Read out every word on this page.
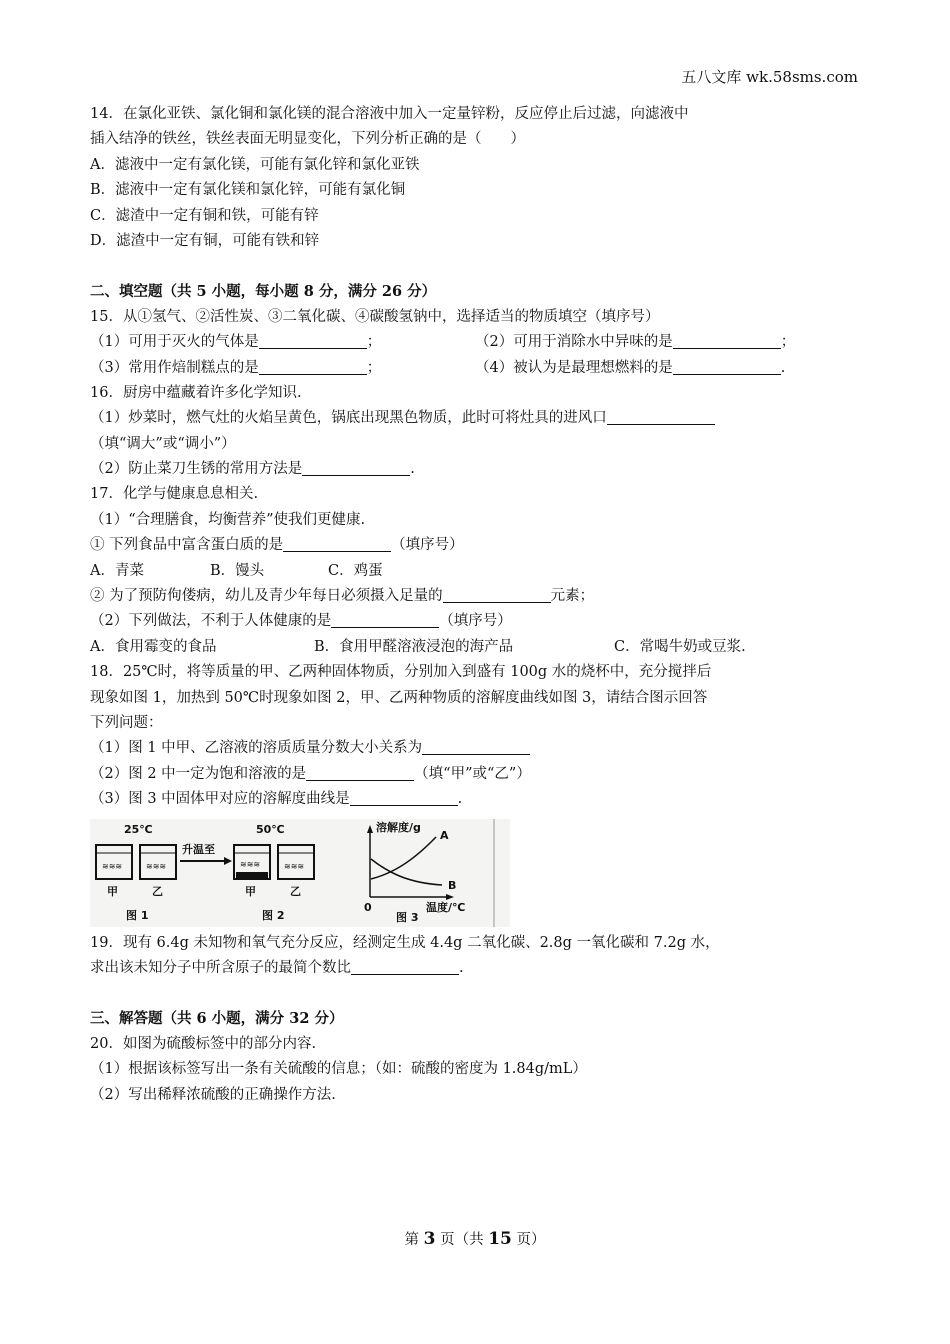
五八文库 wk.58sms.com
14．在氯化亚铁、氯化铜和氯化镁的混合溶液中加入一定量锌粉，反应停止后过滤，向滤液中
插入结净的铁丝，铁丝表面无明显变化，下列分析正确的是（　　）
A．滤液中一定有氯化镁，可能有氯化锌和氯化亚铁
B．滤液中一定有氯化镁和氯化锌，可能有氯化铜
C．滤渣中一定有铜和铁，可能有锌
D．滤渣中一定有铜，可能有铁和锌
二、填空题（共 5 小题，每小题 8 分，满分 26 分）
15．从①氢气、②活性炭、③二氧化碳、④碳酸氢钠中，选择适当的物质填空（填序号）
（1）可用于灭火的气体是	；	（2）可用于消除水中异味的是	；
（3）常用作焙制糕点的是	；	（4）被认为是最理想燃料的是	.
16．厨房中蕴藏着许多化学知识.
（1）炒菜时，燃气灶的火焰呈黄色，锅底出现黑色物质，此时可将灶具的进风口
（填“调大”或“调小”）
（2）防止菜刀生锈的常用方法是	.
17．化学与健康息息相关.
（1）“合理膳食，均衡营养”使我们更健康.
① 下列食品中富含蛋白质的是	（填序号）
A．青菜	B．馒头	C．鸡蛋
② 为了预防佝偻病，幼儿及青少年每日必须摄入足量的	元素；
（2）下列做法，不利于人体健康的是	（填序号）
A．食用霉变的食品	B．食用甲醛溶液浸泡的海产品	C．常喝牛奶或豆浆.
18．25℃时，将等质量的甲、乙两种固体物质，分别加入到盛有 100g 水的烧杯中，充分搅拌后
现象如图 1，加热到 50℃时现象如图 2，甲、乙两种物质的溶解度曲线如图 3，请结合图示回答
下列问题：
（1）图 1 中甲、乙溶液的溶质质量分数大小关系为
（2）图 2 中一定为饱和溶液的是	（填“甲”或“乙”）
（3）图 3 中固体甲对应的溶解度曲线是	.
25℃
≋≋≋	≋≋≋
甲	乙
图 1
升温至
50℃
≋≋≋	≋≋≋
甲	乙
图 2
溶解度/g
温度/℃
0
A
B
图 3
19．现有 6.4g 未知物和氧气充分反应，经测定生成 4.4g 二氧化碳、2.8g 一氧化碳和 7.2g 水，
求出该未知分子中所含原子的最简个数比	.
三、解答题（共 6 小题，满分 32 分）
20．如图为硫酸标签中的部分内容.
（1）根据该标签写出一条有关硫酸的信息；（如：硫酸的密度为 1.84g/mL）
（2）写出稀释浓硫酸的正确操作方法.
第 3 页（共 15 页）
